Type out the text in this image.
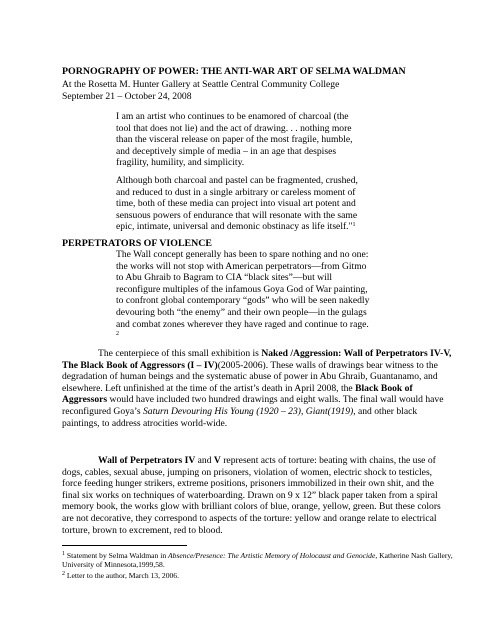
PORNOGRAPHY OF POWER: THE ANTI-WAR ART OF SELMA WALDMAN

At the Rosetta M. Hunter Gallery at Seattle Central Community College

September 21 – October 24, 2008

I am an artist who continues to be enamored of charcoal (the tool that does not lie) and the act of drawing. . . nothing more than the visceral release on paper of the most fragile, humble, and deceptively simple of media – in an age that despises fragility, humility, and simplicity.

Although both charcoal and pastel can be fragmented, crushed, and reduced to dust in a single arbitrary or careless moment of time, both of these media can project into visual art potent and sensuous powers of endurance that will resonate with the same epic, intimate, universal and demonic obstinacy as life itself."$^1$

PERPETRATORS OF VIOLENCE

The Wall concept generally has been to spare nothing and no one: the works will not stop with American perpetrators—from Gitmo to Abu Ghraib to Bagram to CIA “black sites”—but will reconfigure multiples of the infamous Goya God of War painting, to confront global contemporary “gods” who will be seen nakedly devouring both “the enemy” and their own people—in the gulags and combat zones wherever they have raged and continue to rage. $^2$

The centerpiece of this small exhibition is Naked /Aggression: Wall of Perpetrators IV-V, The Black Book of Aggressors (I – IV)(2005-2006). These walls of drawings bear witness to the degradation of human beings and the systematic abuse of power in Abu Ghraib, Guantanamo, and elsewhere. Left unfinished at the time of the artist’s death in April 2008, the Black Book of Aggressors would have included two hundred drawings and eight walls. The final wall would have reconfigured Goya’s Saturn Devouring His Young (1920 – 23), Giant(1919), and other black paintings, to address atrocities world-wide.

Wall of Perpetrators IV and V represent acts of torture: beating with chains, the use of dogs, cables, sexual abuse, jumping on prisoners, violation of women, electric shock to testicles, force feeding hunger strikers, extreme positions, prisoners immobilized in their own shit, and the final six works on techniques of waterboarding. Drawn on 9 x 12” black paper taken from a spiral memory book, the works glow with brilliant colors of blue, orange, yellow, green. But these colors are not decorative, they correspond to aspects of the torture: yellow and orange relate to electrical torture, brown to excrement, red to blood.

$^1$ Statement by Selma Waldman in Absence/Presence: The Artistic Memory of Holocaust and Genocide, Katherine Nash Gallery, University of Minnesota,1999,58.

$^2$ Letter to the author, March 13, 2006.
